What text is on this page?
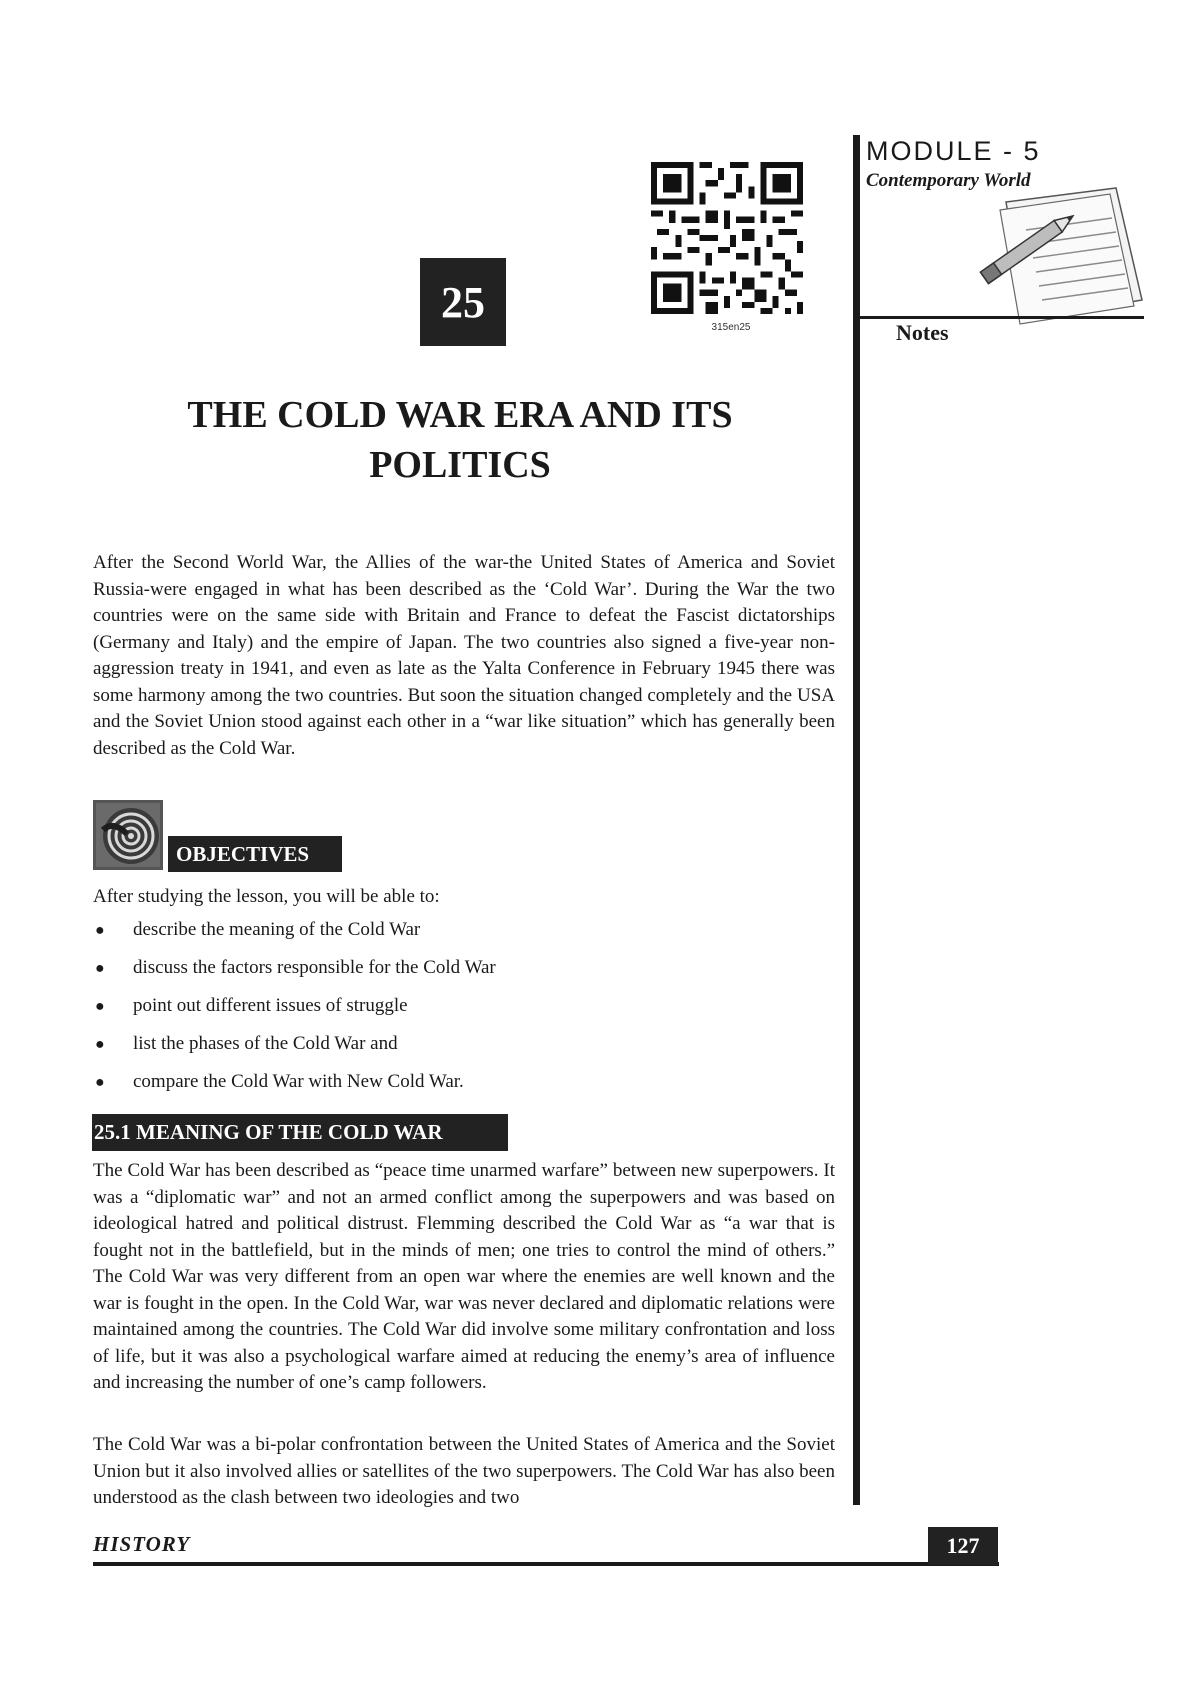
MODULE - 5
Contemporary World
Notes
25
315en25
THE COLD WAR ERA AND ITS
POLITICS

After the Second World War, the Allies of the war-the United States of America and Soviet Russia-were engaged in what has been described as the ‘Cold War’. During the War the two countries were on the same side with Britain and France to defeat the Fascist dictatorships (Germany and Italy) and the empire of Japan. The two countries also signed a five-year non-aggression treaty in 1941, and even as late as the Yalta Conference in February 1945 there was some harmony among the two countries. But soon the situation changed completely and the USA and the Soviet Union stood against each other in a “war like situation” which has generally been described as the Cold War.

OBJECTIVES
After studying the lesson, you will be able to:
● describe the meaning of the Cold War
● discuss the factors responsible for the Cold War
● point out different issues of struggle
● list the phases of the Cold War and
● compare the Cold War with New Cold War.
25.1 MEANING OF THE COLD WAR

The Cold War has been described as “peace time unarmed warfare” between new superpowers. It was a “diplomatic war” and not an armed conflict among the superpowers and was based on ideological hatred and political distrust. Flemming described the Cold War as “a war that is fought not in the battlefield, but in the minds of men; one tries to control the mind of others.” The Cold War was very different from an open war where the enemies are well known and the war is fought in the open. In the Cold War, war was never declared and diplomatic relations were maintained among the countries. The Cold War did involve some military confrontation and loss of life, but it was also a psychological warfare aimed at reducing the enemy’s area of influence and increasing the number of one’s camp followers.

The Cold War was a bi-polar confrontation between the United States of America and the Soviet Union but it also involved allies or satellites of the two superpowers. The Cold War has also been understood as the clash between two ideologies and two

HISTORY	127
